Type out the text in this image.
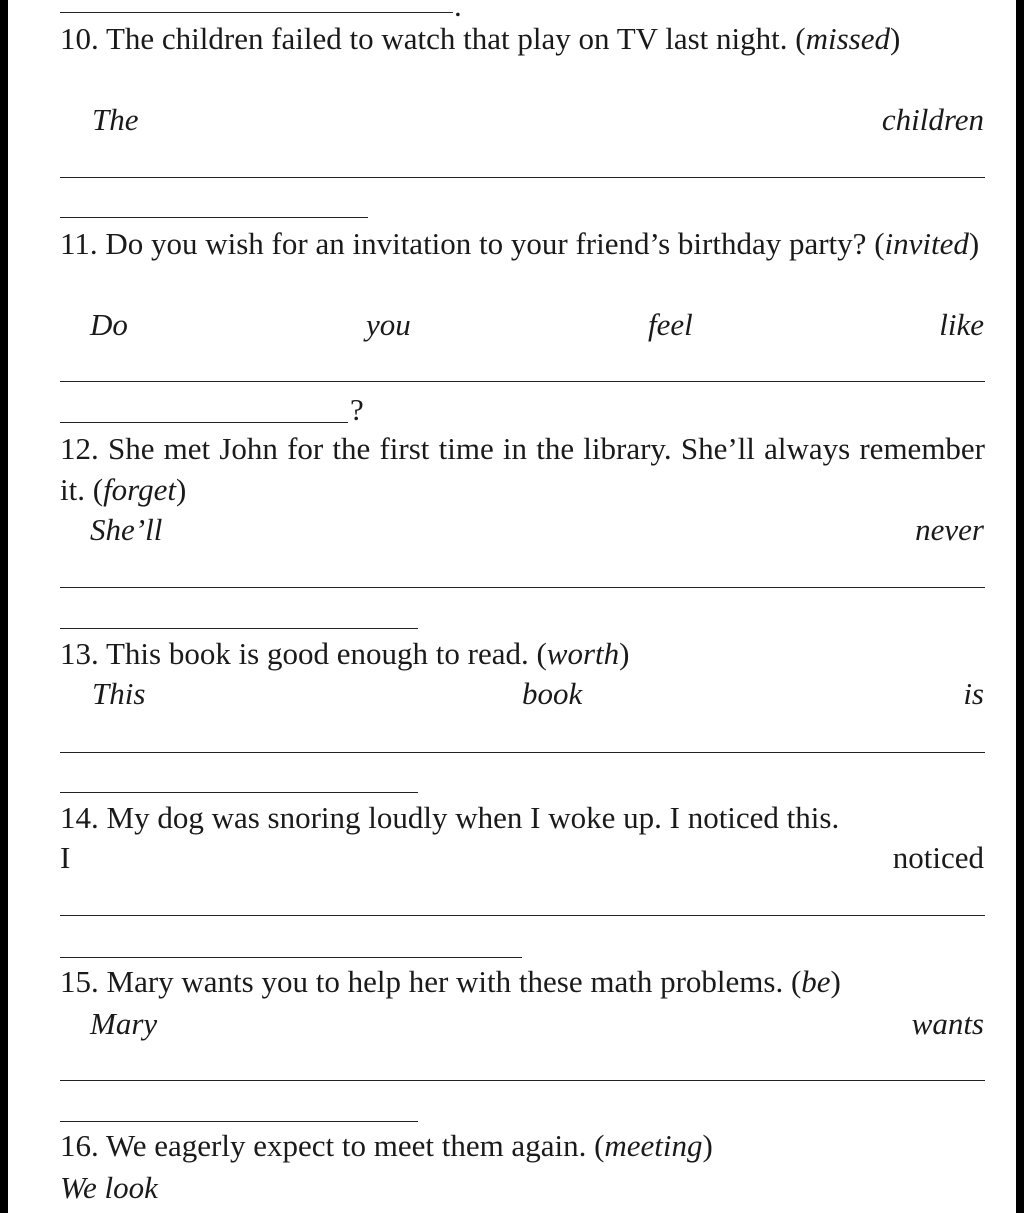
.
10. The children failed to watch that play on TV last night. (missed)
The	children
11. Do you wish for an invitation to your friend’s birthday party? (invited)
Do	you	feel	like
?
12. She met John for the first time in the library. She’ll always remember it. (forget)
She’ll	never
13. This book is good enough to read. (worth)
This	book	is
14. My dog was snoring loudly when I woke up. I noticed this.
I	noticed
15. Mary wants you to help her with these math problems. (be)
Mary	wants
16. We eagerly expect to meet them again. (meeting)
We look
